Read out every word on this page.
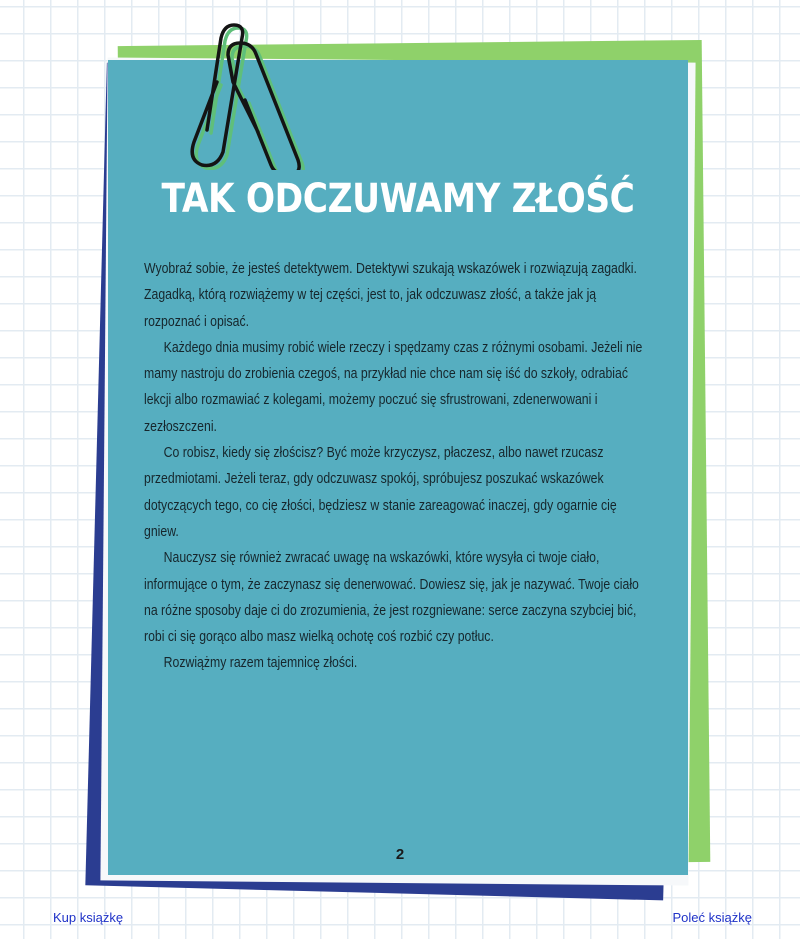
TAK ODCZUWAMY ZŁOŚĆ

Wyobraź sobie, że jesteś detektywem. Detektywi szukają wskazówek i rozwiązują zagadki. Zagadką, którą rozwiążemy w tej części, jest to, jak odczuwasz złość, a także jak ją rozpoznać i opisać.

Każdego dnia musimy robić wiele rzeczy i spędzamy czas z różnymi osobami. Jeżeli nie mamy nastroju do zrobienia czegoś, na przykład nie chce nam się iść do szkoły, odrabiać lekcji albo rozmawiać z kolegami, możemy poczuć się sfrustrowani, zdenerwowani i zezłoszczeni.

Co robisz, kiedy się złościsz? Być może krzyczysz, płaczesz, albo nawet rzucasz przedmiotami. Jeżeli teraz, gdy odczuwasz spokój, spróbujesz poszukać wskazówek dotyczących tego, co cię złości, będziesz w stanie zareagować inaczej, gdy ogarnie cię gniew.

Nauczysz się również zwracać uwagę na wskazówki, które wysyła ci twoje ciało, informujące o tym, że zaczynasz się denerwować. Dowiesz się, jak je nazywać. Twoje ciało na różne sposoby daje ci do zrozumienia, że jest rozgniewane: serce zaczyna szybciej bić, robi ci się gorąco albo masz wielką ochotę coś rozbić czy potłuc.

Rozwiążmy razem tajemnicę złości.

2
Kup książkę	Poleć książkę
